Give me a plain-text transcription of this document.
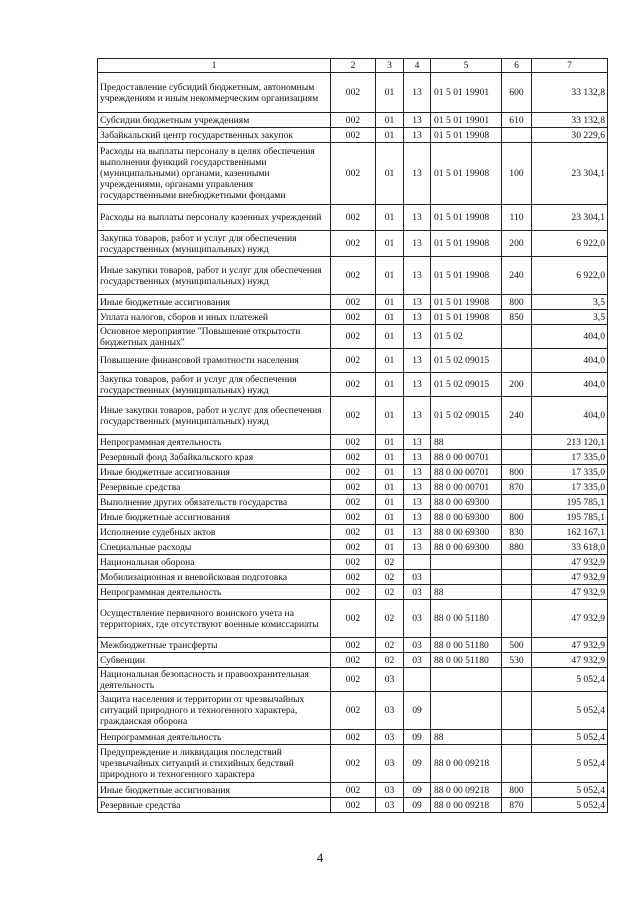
1	2	3	4	5	6	7
Предоставление субсидий бюджетным, автономным учреждениям и иным некоммерческим организациям	002	01	13	01 5 01 19901	600	33 132,8
Субсидии бюджетным учреждениям	002	01	13	01 5 01 19901	610	33 132,8
Забайкальский центр государственных закупок	002	01	13	01 5 01 19908		30 229,6
Расходы на выплаты персоналу в целях обеспечения выполнения функций государственными (муниципальными) органами, казенными учреждениями, органами управления государственными внебюджетными фондами	002	01	13	01 5 01 19908	100	23 304,1
Расходы на выплаты персоналу казенных учреждений	002	01	13	01 5 01 19908	110	23 304,1
Закупка товаров, работ и услуг для обеспечения государственных (муниципальных) нужд	002	01	13	01 5 01 19908	200	6 922,0
Иные закупки товаров, работ и услуг для обеспечения государственных (муниципальных) нужд	002	01	13	01 5 01 19908	240	6 922,0
Иные бюджетные ассигнования	002	01	13	01 5 01 19908	800	3,5
Уплата налогов, сборов и иных платежей	002	01	13	01 5 01 19908	850	3,5
Основное мероприятие "Повышение открытости бюджетных данных"	002	01	13	01 5 02		404,0
Повышение финансовой грамотности населения	002	01	13	01 5 02 09015		404,0
Закупка товаров, работ и услуг для обеспечения государственных (муниципальных) нужд	002	01	13	01 5 02 09015	200	404,0
Иные закупки товаров, работ и услуг для обеспечения государственных (муниципальных) нужд	002	01	13	01 5 02 09015	240	404,0
Непрограммная деятельность	002	01	13	88		213 120,1
Резервный фонд Забайкальского края	002	01	13	88 0 00 00701		17 335,0
Иные бюджетные ассигнования	002	01	13	88 0 00 00701	800	17 335,0
Резервные средства	002	01	13	88 0 00 00701	870	17 335,0
Выполнение других обязательств государства	002	01	13	88 0 00 69300		195 785,1
Иные бюджетные ассигнования	002	01	13	88 0 00 69300	800	195 785,1
Исполнение судебных актов	002	01	13	88 0 00 69300	830	162 167,1
Специальные расходы	002	01	13	88 0 00 69300	880	33 618,0
Национальная оборона	002	02				47 932,9
Мобилизационная и вневойсковая подготовка	002	02	03			47 932,9
Непрограммная деятельность	002	02	03	88		47 932,9
Осуществление первичного воинского учета на территориях, где отсутствуют военные комиссариаты	002	02	03	88 0 00 51180		47 932,9
Межбюджетные трансферты	002	02	03	88 0 00 51180	500	47 932,9
Субвенции	002	02	03	88 0 00 51180	530	47 932,9
Национальная безопасность и правоохранительная деятельность	002	03				5 052,4
Защита населения и территории от чрезвычайных ситуаций природного и техногенного характера, гражданская оборона	002	03	09			5 052,4
Непрограммная деятельность	002	03	09	88		5 052,4
Предупреждение и ликвидация последствий чрезвычайных ситуаций и стихийных бедствий природного и техногенного характера	002	03	09	88 0 00 09218		5 052,4
Иные бюджетные ассигнования	002	03	09	88 0 00 09218	800	5 052,4
Резервные средства	002	03	09	88 0 00 09218	870	5 052,4
4
